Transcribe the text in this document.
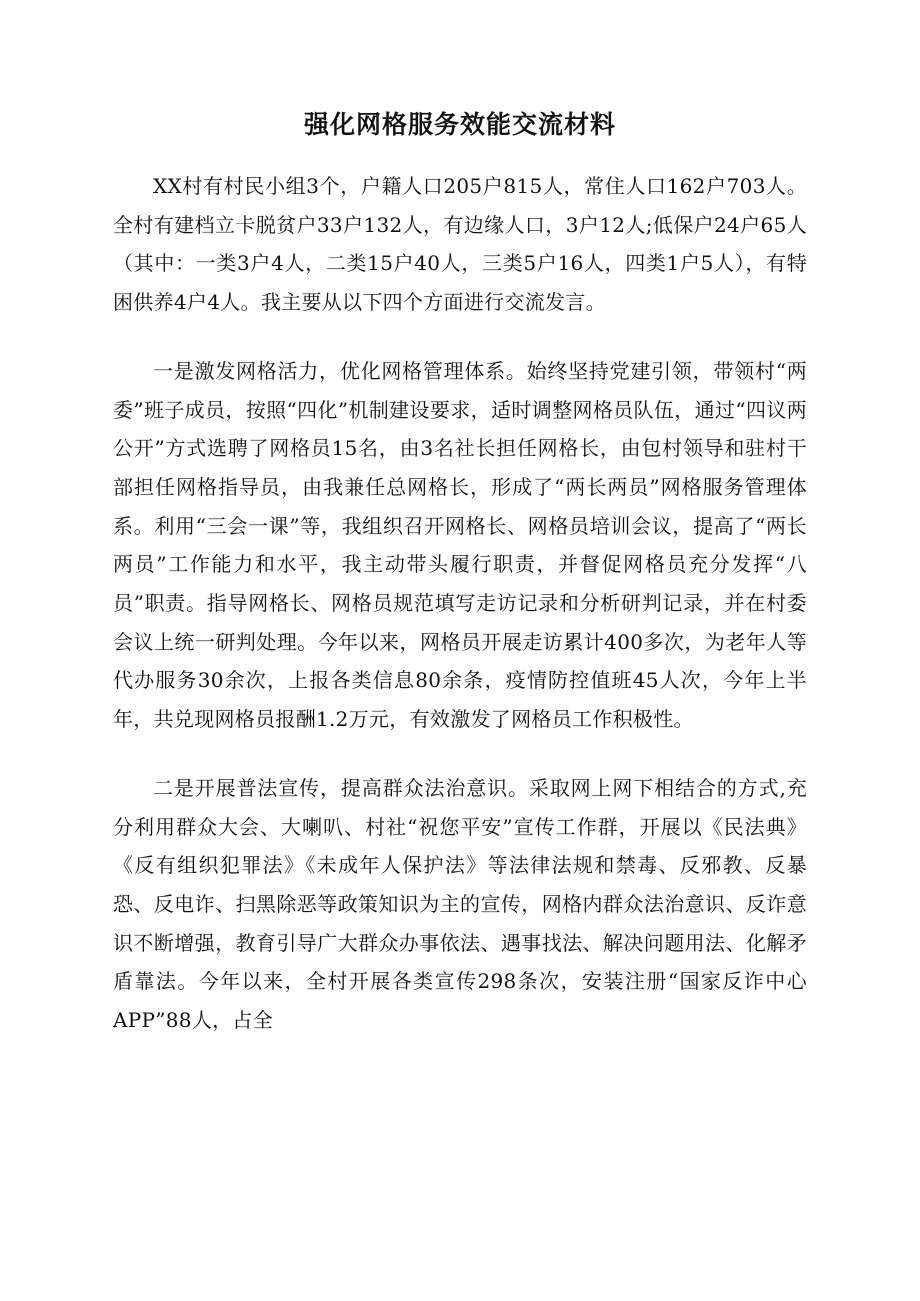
强化网格服务效能交流材料

XX村有村民小组3个，户籍人口205户815人，常住人口162户703人。全村有建档立卡脱贫户33户132人，有边缘人口，3户12人;低保户24户65人（其中：一类3户4人，二类15户40人，三类5户16人，四类1户5人），有特困供养4户4人。我主要从以下四个方面进行交流发言。

一是激发网格活力，优化网格管理体系。始终坚持党建引领，带领村“两委”班子成员，按照“四化”机制建设要求，适时调整网格员队伍，通过“四议两公开”方式选聘了网格员15名，由3名社长担任网格长，由包村领导和驻村干部担任网格指导员，由我兼任总网格长，形成了“两长两员”网格服务管理体系。利用“三会一课”等，我组织召开网格长、网格员培训会议，提高了“两长两员”工作能力和水平，我主动带头履行职责，并督促网格员充分发挥“八员”职责。指导网格长、网格员规范填写走访记录和分析研判记录，并在村委会议上统一研判处理。今年以来，网格员开展走访累计400多次，为老年人等代办服务30余次，上报各类信息80余条，疫情防控值班45人次，今年上半年，共兑现网格员报酬1.2万元，有效激发了网格员工作积极性。

二是开展普法宣传，提高群众法治意识。采取网上网下相结合的方式,充分利用群众大会、大喇叭、村社“祝您平安”宣传工作群，开展以《民法典》《反有组织犯罪法》《未成年人保护法》等法律法规和禁毒、反邪教、反暴恐、反电诈、扫黑除恶等政策知识为主的宣传，网格内群众法治意识、反诈意识不断增强，教育引导广大群众办事依法、遇事找法、解决问题用法、化解矛盾靠法。今年以来，全村开展各类宣传298条次，安装注册“国家反诈中心APP”88人，占全
